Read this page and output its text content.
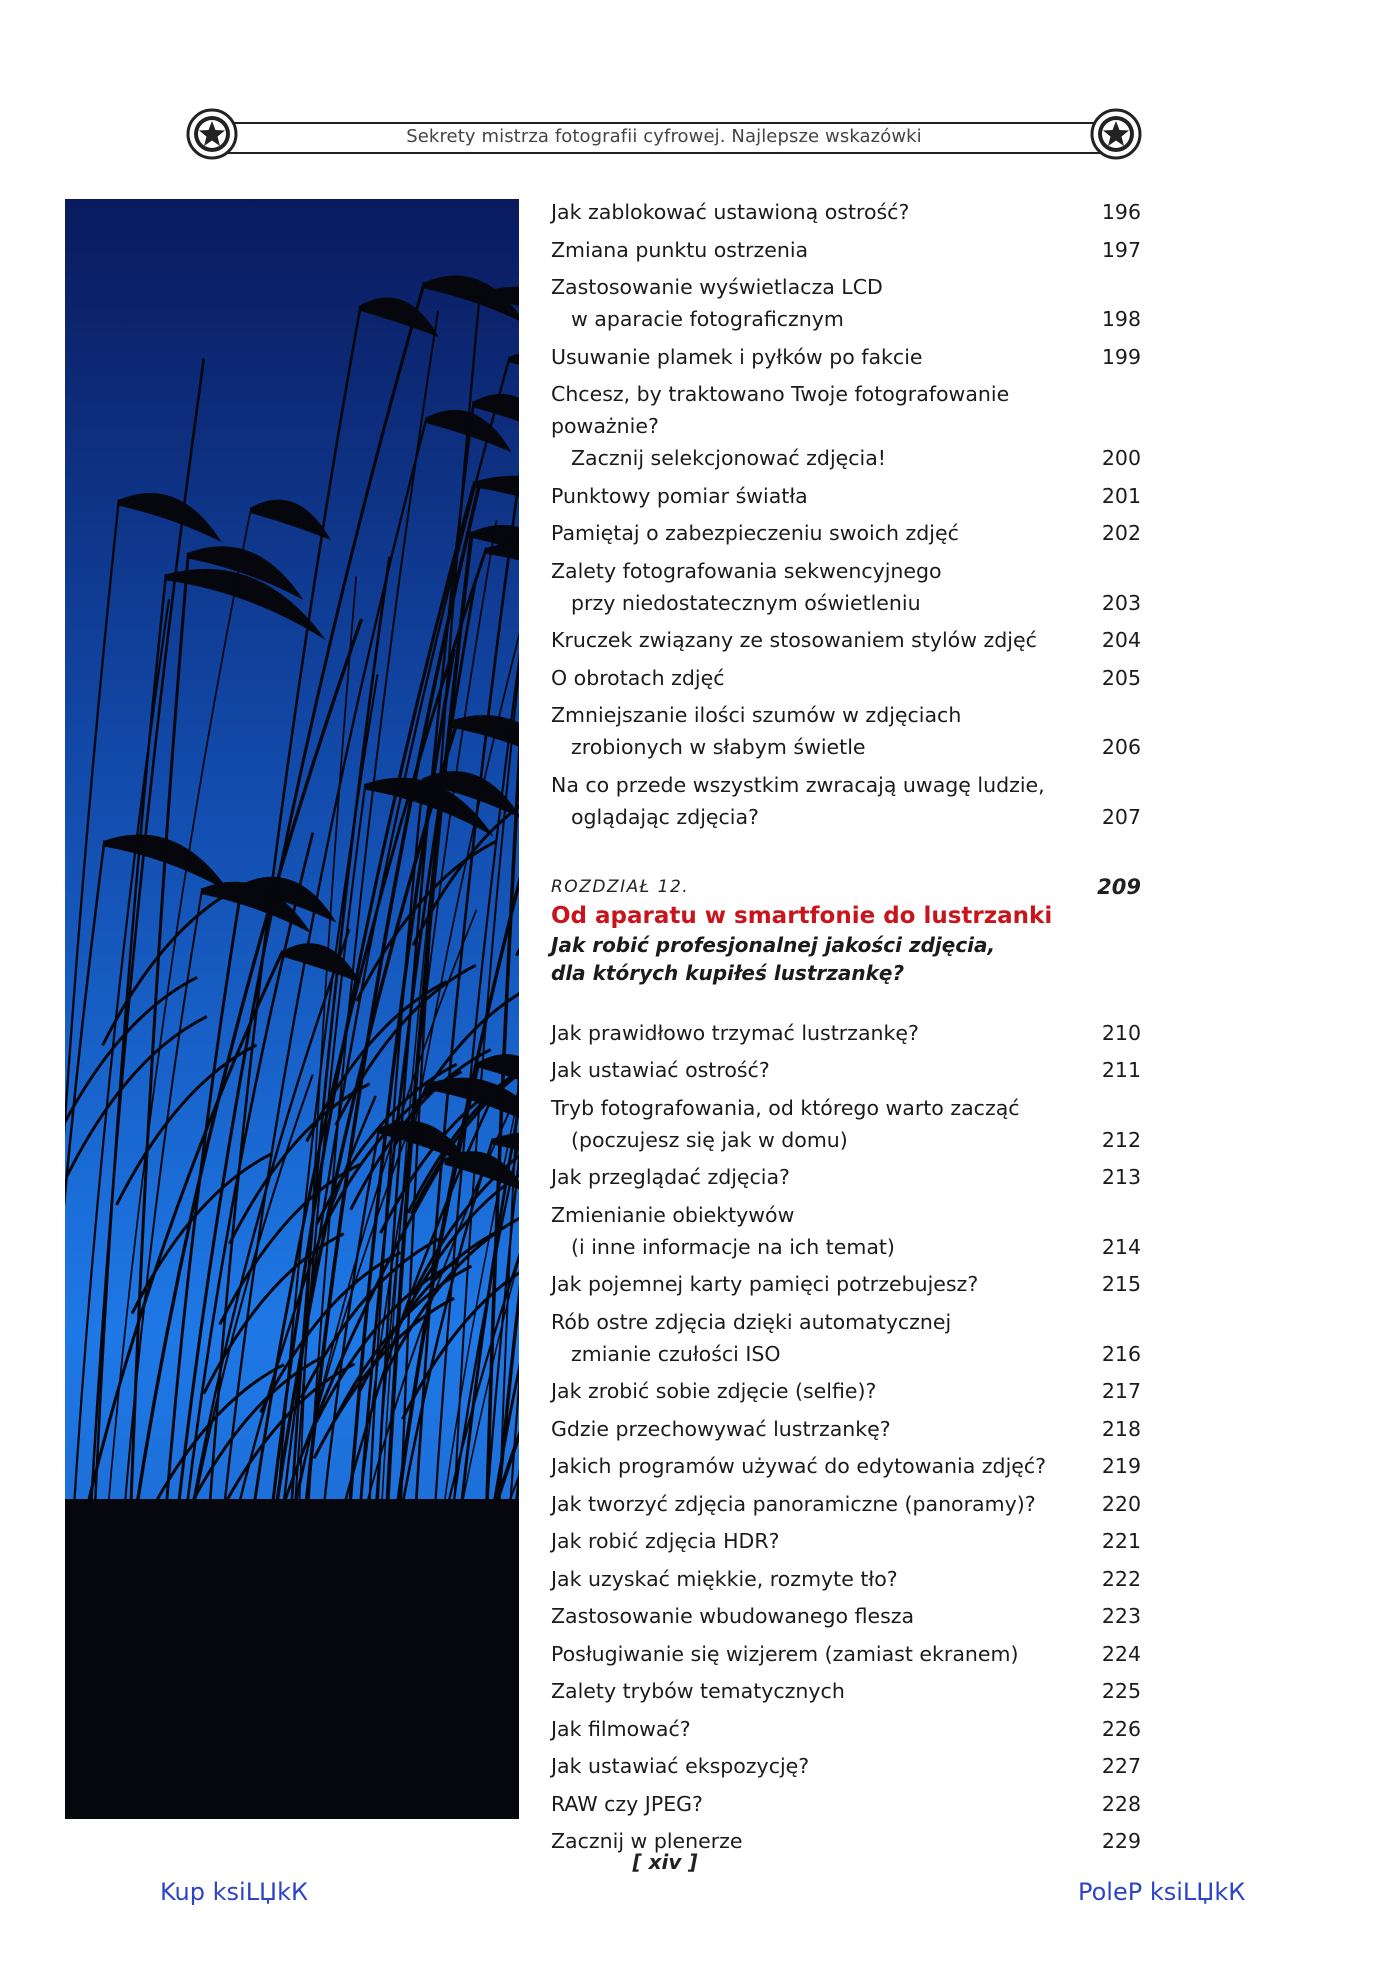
Sekrety mistrza fotografii cyfrowej. Najlepsze wskazówki
Jak zablokować ustawioną ostrość?	196
Zmiana punktu ostrzenia	197
Zastosowanie wyświetlacza LCD
w aparacie fotograficznym	198
Usuwanie plamek i pyłków po fakcie	199
Chcesz, by traktowano Twoje fotografowanie poważnie?
Zacznij selekcjonować zdjęcia!	200
Punktowy pomiar światła	201
Pamiętaj o zabezpieczeniu swoich zdjęć	202
Zalety fotografowania sekwencyjnego
przy niedostatecznym oświetleniu	203
Kruczek związany ze stosowaniem stylów zdjęć	204
O obrotach zdjęć	205
Zmniejszanie ilości szumów w zdjęciach
zrobionych w słabym świetle	206
Na co przede wszystkim zwracają uwagę ludzie,
oglądając zdjęcia?	207
ROZDZIAŁ 12.	209
Od aparatu w smartfonie do lustrzanki
Jak robić profesjonalnej jakości zdjęcia,
dla których kupiłeś lustrzankę?
Jak prawidłowo trzymać lustrzankę?	210
Jak ustawiać ostrość?	211
Tryb fotografowania, od którego warto zacząć
(poczujesz się jak w domu)	212
Jak przeglądać zdjęcia?	213
Zmienianie obiektywów
(i inne informacje na ich temat)	214
Jak pojemnej karty pamięci potrzebujesz?	215
Rób ostre zdjęcia dzięki automatycznej
zmianie czułości ISO	216
Jak zrobić sobie zdjęcie (selfie)?	217
Gdzie przechowywać lustrzankę?	218
Jakich programów używać do edytowania zdjęć?	219
Jak tworzyć zdjęcia panoramiczne (panoramy)?	220
Jak robić zdjęcia HDR?	221
Jak uzyskać miękkie, rozmyte tło?	222
Zastosowanie wbudowanego flesza	223
Posługiwanie się wizjerem (zamiast ekranem)	224
Zalety trybów tematycznych	225
Jak filmować?	226
Jak ustawiać ekspozycję?	227
RAW czy JPEG?	228
Zacznij w plenerze	229
[ xiv ]
Kup ksiLЏkК	PoleР ksiLЏkК
